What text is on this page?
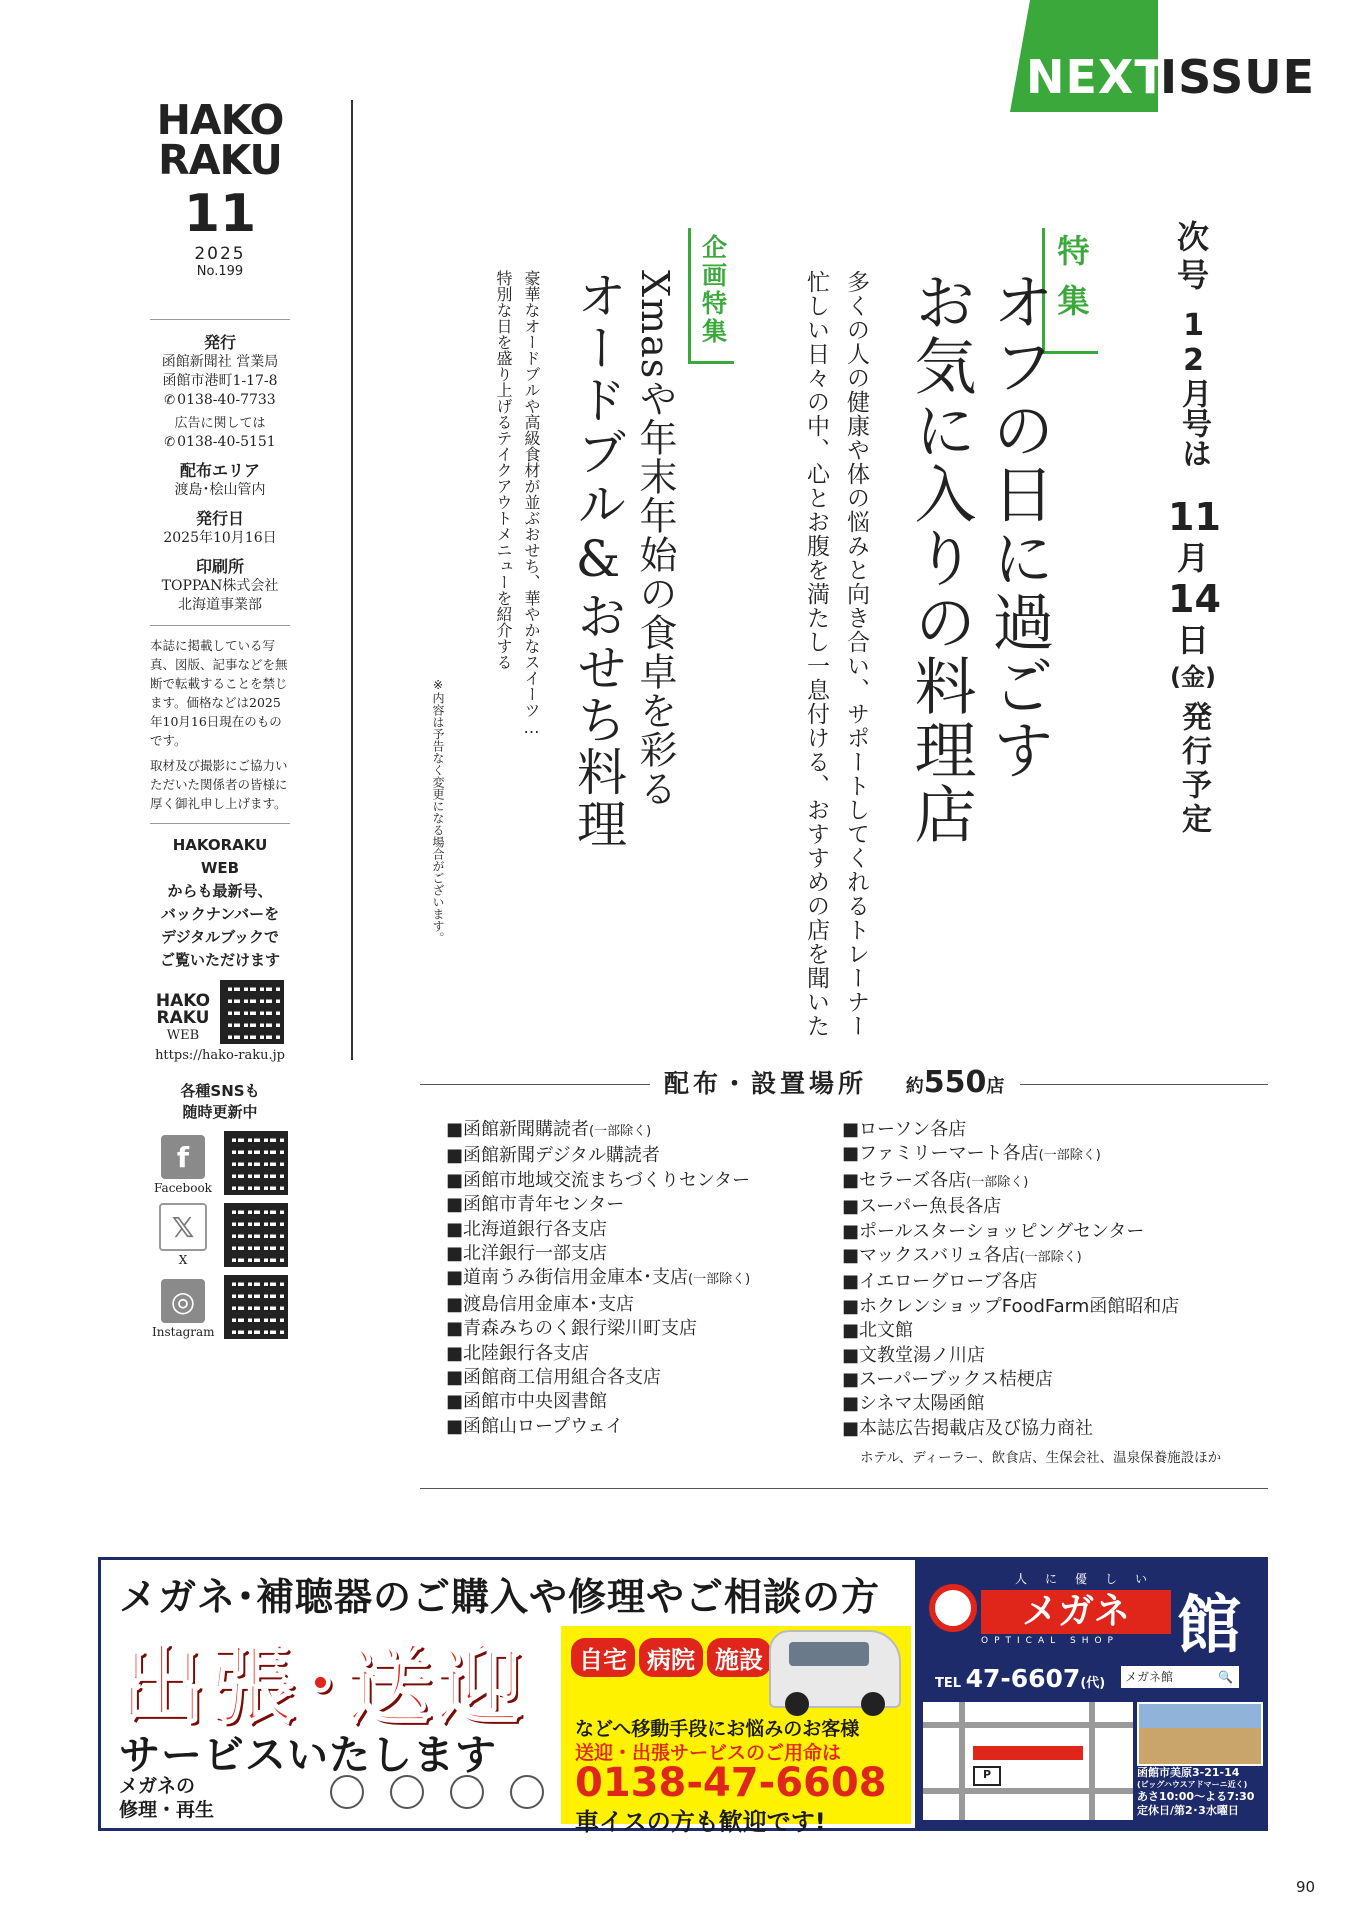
NEXT
ISSUE
HAKO
RAKU
11
2025
No.199
発行
函館新聞社 営業局
函館市港町1-17-8
✆ 0138-40-7733
広告に関しては
✆ 0138-40-5151
配布エリア
渡島･桧山管内
発行日
2025年10月16日
印刷所
TOPPAN株式会社
北海道事業部
本誌に掲載している写真、図版、記事などを無断で転載することを禁じます。価格などは2025年10月16日現在のものです。
取材及び撮影にご協力いただいた関係者の皆様に厚く御礼申し上げます。
HAKORAKU
WEB
からも最新号、
バックナンバーを
デジタルブックで
ご覧いただけます
HAKO
RAKU
WEB
https://hako-raku.jp
各種SNSも
随時更新中
f
Facebook
𝕏
X
◎
Instagram
次号
12月号は
11
月
14
日
(金)
発行予定
特集
オフの日に過ごす
お気に入りの料理店
多くの人の健康や体の悩みと向き合い、サポートしてくれるトレーナー
忙しい日々の中、心とお腹を満たし一息付ける、おすすめの店を聞いた
企画特集
Xmasや年末年始の食卓を彩る
オードブル&おせち料理
豪華なオードブルや高級食材が並ぶおせち、華やかなスイーツ…
特別な日を盛り上げるテイクアウトメニューを紹介する
※内容は予告なく変更になる場合がございます。
配布・設置場所 約550店
■ 函館新聞購読者(一部除く)
■ 函館新聞デジタル購読者
■ 函館市地域交流まちづくりセンター
■ 函館市青年センター
■ 北海道銀行各支店
■ 北洋銀行一部支店
■ 道南うみ街信用金庫本･支店(一部除く)
■ 渡島信用金庫本･支店
■ 青森みちのく銀行梁川町支店
■ 北陸銀行各支店
■ 函館商工信用組合各支店
■ 函館市中央図書館
■ 函館山ロープウェイ
■ ローソン各店
■ ファミリーマート各店(一部除く)
■ セラーズ各店(一部除く)
■ スーパー魚長各店
■ ポールスターショッピングセンター
■ マックスバリュ各店(一部除く)
■ イエローグローブ各店
■ ホクレンショップFoodFarm函館昭和店
■ 北文館
■ 文教堂湯ノ川店
■ スーパーブックス桔梗店
■ シネマ太陽函館
■ 本誌広告掲載店及び協力商社
ホテル、ディーラー、飲食店、生保会社、温泉保養施設ほか
メガネ･補聴器のご購入や修理やご相談の方
出張･送迎
サービスいたします
メガネの
修理・再生
自宅 病院 施設
などへ移動手段にお悩みのお客様
送迎・出張サービスのご用命は
0138-47-6608
車イスの方も歓迎です!
人に優しい
メガネ 館
OPTICAL SHOP
TEL 47-6607(代)	メガネ館	🔍
P	函館市美原3-21-14
(ビッグハウスアドマーニ近く)
あさ10:00～よる7:30
定休日/第2･3水曜日
90
